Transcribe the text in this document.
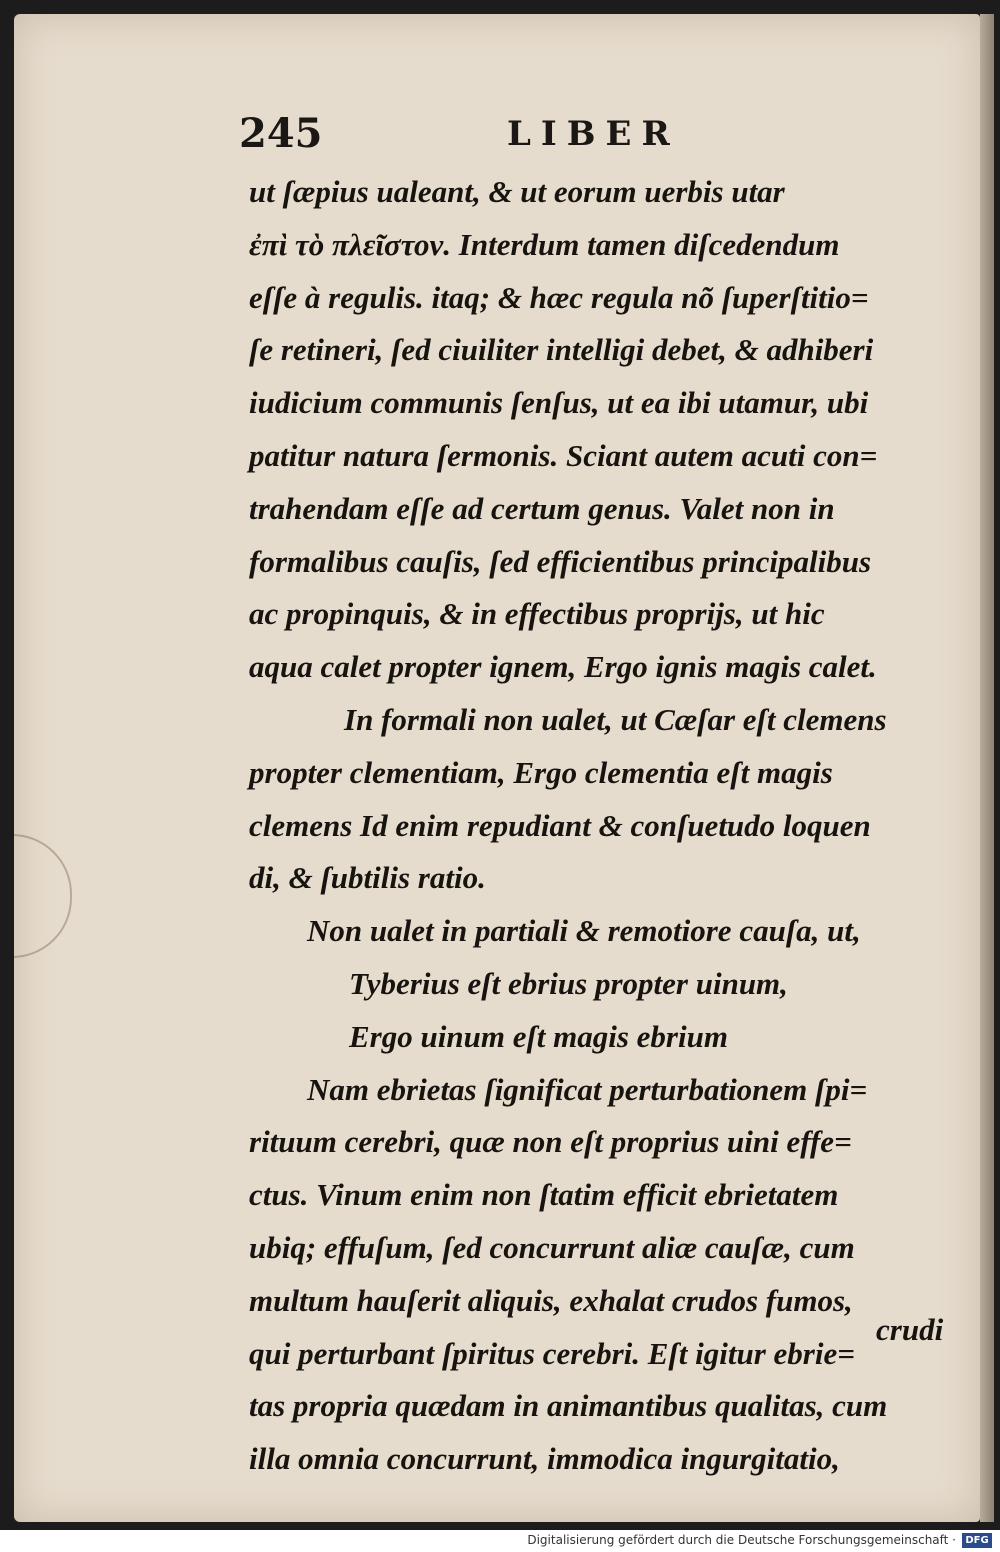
245	LIBER
ut ſæpius ualeant, & ut eorum uerbis utar
ἐπὶ τὸ πλεῖστον. Interdum tamen diſcedendum
eſſe à regulis. itaq; & hæc regula nõ ſuperſtitio=
ſe retineri, ſed ciuiliter intelligi debet, & adhiberi
iudicium communis ſenſus, ut ea ibi utamur, ubi
patitur natura ſermonis. Sciant autem acuti con=
trahendam eſſe ad certum genus. Valet non in
formalibus cauſis, ſed efficientibus principalibus
ac propinquis, & in effectibus proprijs, ut hic
aqua calet propter ignem, Ergo ignis magis calet.
In formali non ualet, ut Cæſar eſt clemens
propter clementiam, Ergo clementia eſt magis
clemens Id enim repudiant & conſuetudo loquen
di, & ſubtilis ratio.
Non ualet in partiali & remotiore cauſa, ut,
Tyberius eſt ebrius propter uinum,
Ergo uinum eſt magis ebrium
Nam ebrietas ſignificat perturbationem ſpi=
rituum cerebri, quæ non eſt proprius uini effe=
ctus. Vinum enim non ſtatim efficit ebrietatem
ubiq; effuſum, ſed concurrunt aliæ cauſæ, cum
multum hauſerit aliquis, exhalat crudos fumos,
qui perturbant ſpiritus cerebri. Eſt igitur ebrie=
tas propria quædam in animantibus qualitas, cum
illa omnia concurrunt, immodica ingurgitatio,
crudi
Digitalisierung gefördert durch die Deutsche Forschungsgemeinschaft · DFG
